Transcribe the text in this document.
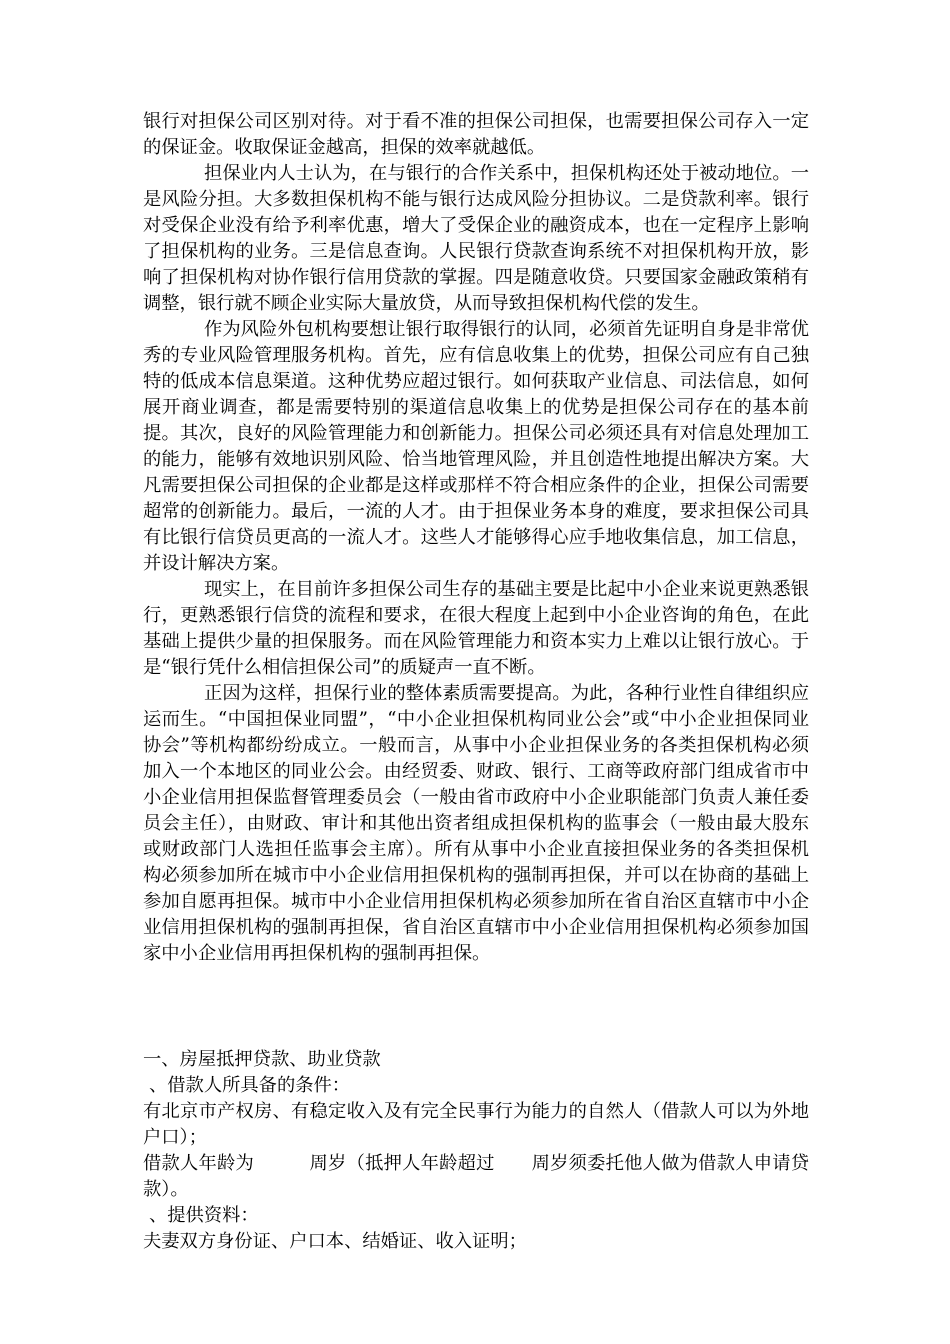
银行对担保公司区别对待。对于看不准的担保公司担保，也需要担保公司存入一定的保证金。收取保证金越高，担保的效率就越低。

担保业内人士认为，在与银行的合作关系中，担保机构还处于被动地位。一是风险分担。大多数担保机构不能与银行达成风险分担协议。二是贷款利率。银行对受保企业没有给予利率优惠，增大了受保企业的融资成本，也在一定程序上影响了担保机构的业务。三是信息查询。人民银行贷款查询系统不对担保机构开放，影响了担保机构对协作银行信用贷款的掌握。四是随意收贷。只要国家金融政策稍有调整，银行就不顾企业实际大量放贷，从而导致担保机构代偿的发生。

作为风险外包机构要想让银行取得银行的认同，必须首先证明自身是非常优秀的专业风险管理服务机构。首先，应有信息收集上的优势，担保公司应有自己独特的低成本信息渠道。这种优势应超过银行。如何获取产业信息、司法信息，如何展开商业调查，都是需要特别的渠道信息收集上的优势是担保公司存在的基本前提。其次，良好的风险管理能力和创新能力。担保公司必须还具有对信息处理加工的能力，能够有效地识别风险、恰当地管理风险，并且创造性地提出解决方案。大凡需要担保公司担保的企业都是这样或那样不符合相应条件的企业，担保公司需要超常的创新能力。最后，一流的人才。由于担保业务本身的难度，要求担保公司具有比银行信贷员更高的一流人才。这些人才能够得心应手地收集信息，加工信息，并设计解决方案。

现实上，在目前许多担保公司生存的基础主要是比起中小企业来说更熟悉银行，更熟悉银行信贷的流程和要求，在很大程度上起到中小企业咨询的角色，在此基础上提供少量的担保服务。而在风险管理能力和资本实力上难以让银行放心。于是“银行凭什么相信担保公司”的质疑声一直不断。

正因为这样，担保行业的整体素质需要提高。为此，各种行业性自律组织应运而生。“中国担保业同盟”，“中小企业担保机构同业公会”或“中小企业担保同业协会”等机构都纷纷成立。一般而言，从事中小企业担保业务的各类担保机构必须加入一个本地区的同业公会。由经贸委、财政、银行、工商等政府部门组成省市中小企业信用担保监督管理委员会（一般由省市政府中小企业职能部门负责人兼任委员会主任），由财政、审计和其他出资者组成担保机构的监事会（一般由最大股东或财政部门人选担任监事会主席）。所有从事中小企业直接担保业务的各类担保机构必须参加所在城市中小企业信用担保机构的强制再担保，并可以在协商的基础上参加自愿再担保。城市中小企业信用担保机构必须参加所在省自治区直辖市中小企业信用担保机构的强制再担保，省自治区直辖市中小企业信用担保机构必须参加国家中小企业信用再担保机构的强制再担保。

一、房屋抵押贷款、助业贷款

、借款人所具备的条件：

有北京市产权房、有稳定收入及有完全民事行为能力的自然人（借款人可以为外地户口）；

借款人年龄为　　　周岁（抵押人年龄超过　　周岁须委托他人做为借款人申请贷款）。

、提供资料：

夫妻双方身份证、户口本、结婚证、收入证明；
